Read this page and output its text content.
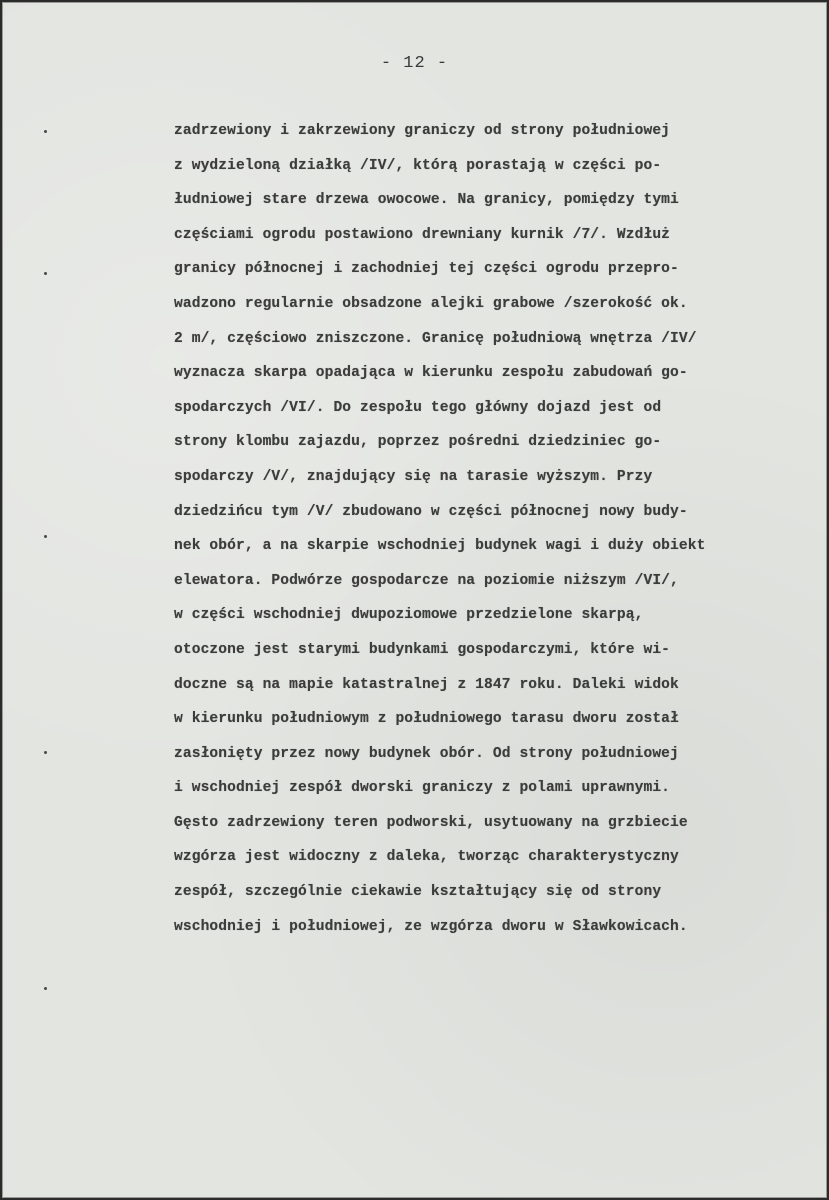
- 12 -
zadrzewiony i zakrzewiony graniczy od strony południowej
z wydzieloną działką /IV/, którą porastają w części po-
łudniowej stare drzewa owocowe. Na granicy, pomiędzy tymi
częściami ogrodu postawiono drewniany kurnik /7/. Wzdłuż
granicy północnej i zachodniej tej części ogrodu przepro-
wadzono regularnie obsadzone alejki grabowe /szerokość ok.
2 m/, częściowo zniszczone. Granicę południową wnętrza /IV/
wyznacza skarpa opadająca w kierunku zespołu zabudowań go-
spodarczych /VI/. Do zespołu tego główny dojazd jest od
strony klombu zajazdu, poprzez pośredni dziedziniec go-
spodarczy /V/, znajdujący się na tarasie wyższym. Przy
dziedzińcu tym /V/ zbudowano w części północnej nowy budy-
nek obór, a na skarpie wschodniej budynek wagi i duży obiekt
elewatora. Podwórze gospodarcze na poziomie niższym /VI/,
w części wschodniej dwupoziomowe przedzielone skarpą,
otoczone jest starymi budynkami gospodarczymi, które wi-
doczne są na mapie katastralnej z 1847 roku. Daleki widok
w kierunku południowym z południowego tarasu dworu został
zasłonięty przez nowy budynek obór. Od strony południowej
i wschodniej zespół dworski graniczy z polami uprawnymi.
Gęsto zadrzewiony teren podworski, usytuowany na grzbiecie
wzgórza jest widoczny z daleka, tworząc charakterystyczny
zespół, szczególnie ciekawie kształtujący się od strony
wschodniej i południowej, ze wzgórza dworu w Sławkowicach.
